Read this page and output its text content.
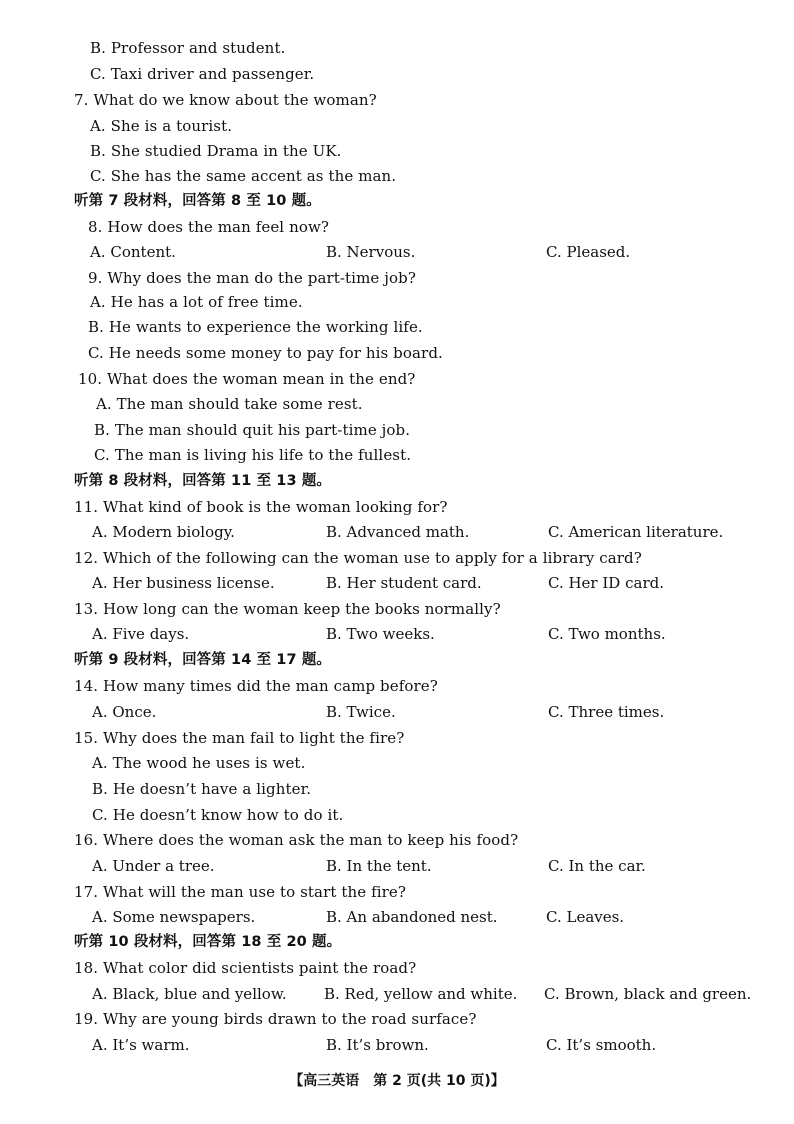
B. Professor and student.
C. Taxi driver and passenger.
7. What do we know about the woman?
A. She is a tourist.
B. She studied Drama in the UK.
C. She has the same accent as the man.
听第 7 段材料，回答第 8 至 10 题。
8. How does the man feel now?
A. Content.	B. Nervous.	C. Pleased.
9. Why does the man do the part-time job?
A. He has a lot of free time.
B. He wants to experience the working life.
C. He needs some money to pay for his board.
10. What does the woman mean in the end?
A. The man should take some rest.
B. The man should quit his part-time job.
C. The man is living his life to the fullest.
听第 8 段材料，回答第 11 至 13 题。
11. What kind of book is the woman looking for?
A. Modern biology.	B. Advanced math.	C. American literature.
12. Which of the following can the woman use to apply for a library card?
A. Her business license.	B. Her student card.	C. Her ID card.
13. How long can the woman keep the books normally?
A. Five days.	B. Two weeks.	C. Two months.
听第 9 段材料，回答第 14 至 17 题。
14. How many times did the man camp before?
A. Once.	B. Twice.	C. Three times.
15. Why does the man fail to light the fire?
A. The wood he uses is wet.
B. He doesn’t have a lighter.
C. He doesn’t know how to do it.
16. Where does the woman ask the man to keep his food?
A. Under a tree.	B. In the tent.	C. In the car.
17. What will the man use to start the fire?
A. Some newspapers.	B. An abandoned nest.	C. Leaves.
听第 10 段材料，回答第 18 至 20 题。
18. What color did scientists paint the road?
A. Black, blue and yellow. B. Red, yellow and white. C. Brown, black and green.
19. Why are young birds drawn to the road surface?
A. It’s warm.	B. It’s brown.	C. It’s smooth.
【高三英语　第 2 页(共 10 页)】
